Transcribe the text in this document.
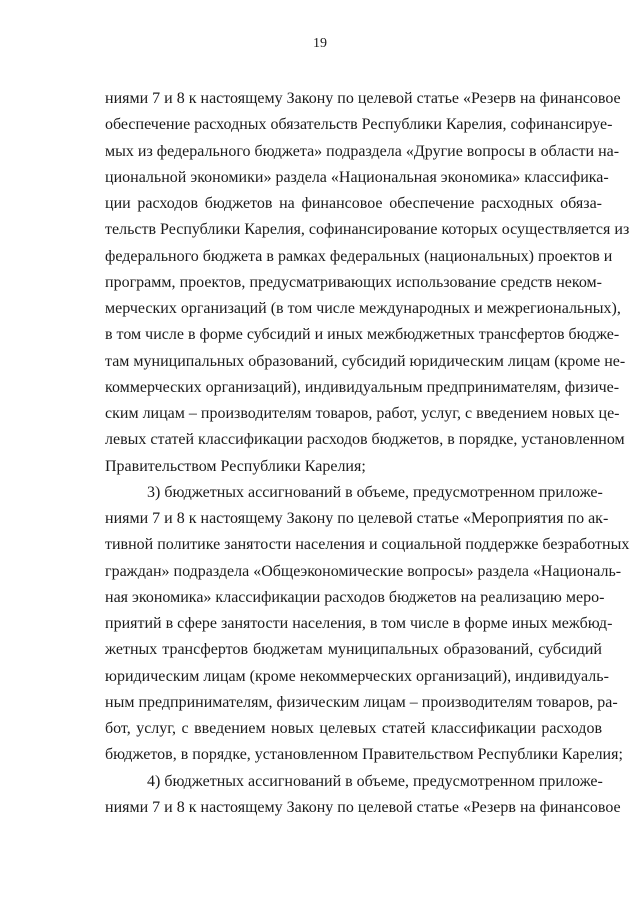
19
ниями 7 и 8 к настоящему Закону по целевой статье «Резерв на финансовое
обеспечение расходных обязательств Республики Карелия, софинансируе-
мых из федерального бюджета» подраздела «Другие вопросы в области на-
циональной экономики» раздела «Национальная экономика» классифика-
ции расходов бюджетов на финансовое обеспечение расходных обяза-
тельств Республики Карелия, софинансирование которых осуществляется из
федерального бюджета в рамках федеральных (национальных) проектов и
программ, проектов, предусматривающих использование средств неком-
мерческих организаций (в том числе международных и межрегиональных),
в том числе в форме субсидий и иных межбюджетных трансфертов бюдже-
там муниципальных образований, субсидий юридическим лицам (кроме не-
коммерческих организаций), индивидуальным предпринимателям, физиче-
ским лицам – производителям товаров, работ, услуг, с введением новых це-
левых статей классификации расходов бюджетов, в порядке, установленном
Правительством Республики Карелия;
3) бюджетных ассигнований в объеме, предусмотренном приложе-
ниями 7 и 8 к настоящему Закону по целевой статье «Мероприятия по ак-
тивной политике занятости населения и социальной поддержке безработных
граждан» подраздела «Общеэкономические вопросы» раздела «Националь-
ная экономика» классификации расходов бюджетов на реализацию меро-
приятий в сфере занятости населения, в том числе в форме иных межбюд-
жетных трансфертов бюджетам муниципальных образований, субсидий
юридическим лицам (кроме некоммерческих организаций), индивидуаль-
ным предпринимателям, физическим лицам – производителям товаров, ра-
бот, услуг, с введением новых целевых статей классификации расходов
бюджетов, в порядке, установленном Правительством Республики Карелия;
4) бюджетных ассигнований в объеме, предусмотренном приложе-
ниями 7 и 8 к настоящему Закону по целевой статье «Резерв на финансовое
